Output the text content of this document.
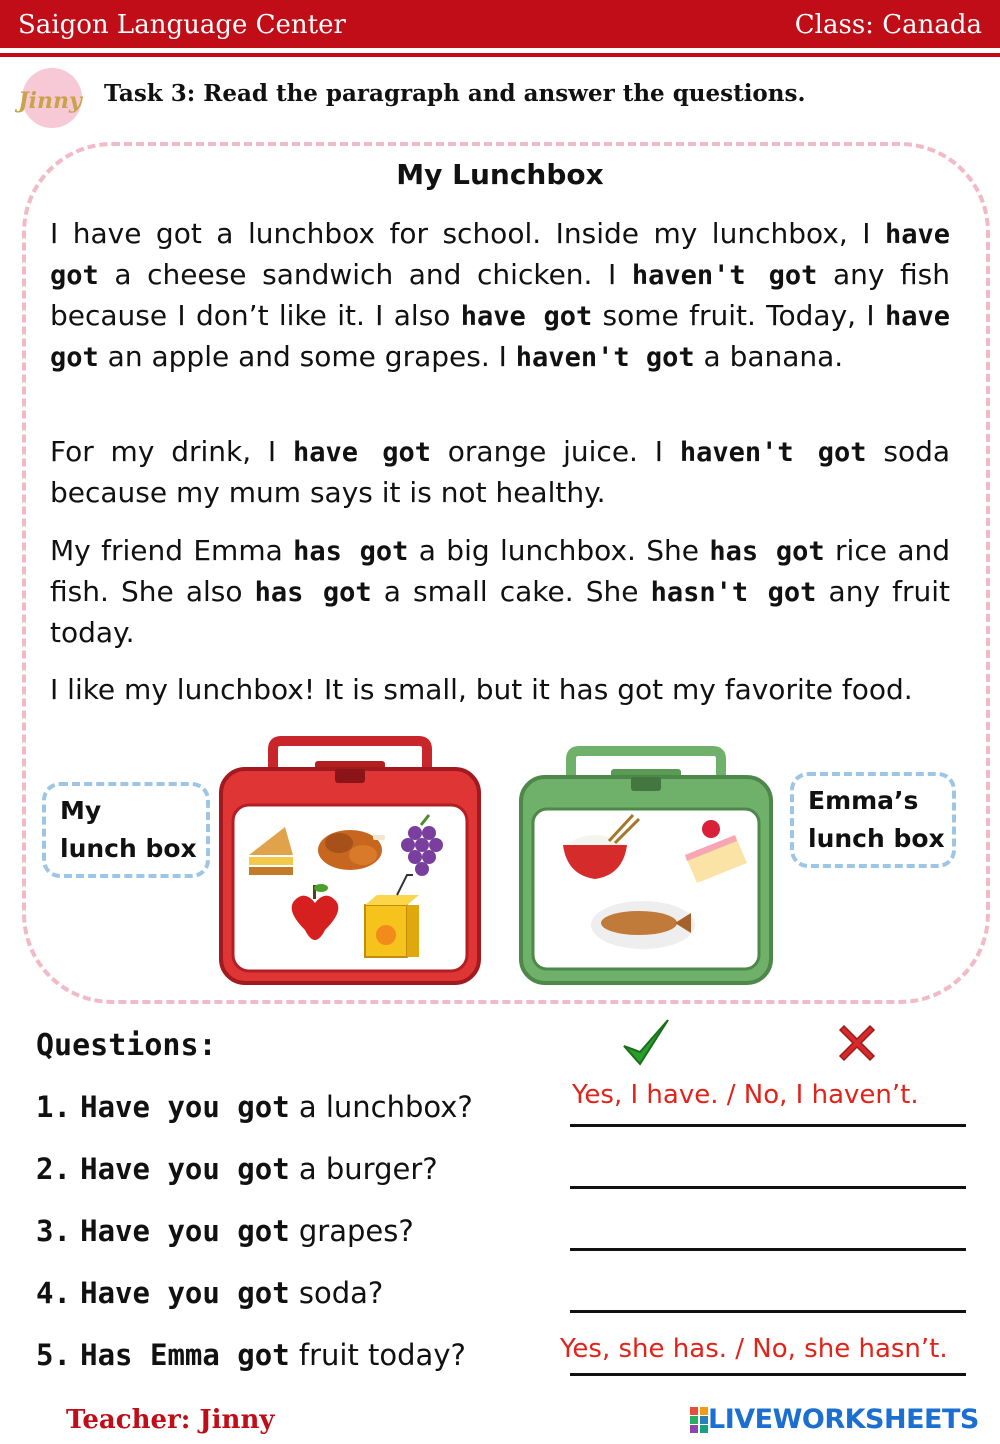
Saigon Language Center	Class: Canada
Jinny Task 3: Read the paragraph and answer the questions.
My Lunchbox
I have got a lunchbox for school. Inside my lunchbox, I have got a cheese sandwich and chicken. I haven't got any fish because I don’t like it. I also have got some fruit. Today, I have got an apple and some grapes. I haven't got a banana.
For my drink, I have got orange juice. I haven't got soda because my mum says it is not healthy.
My friend Emma has got a big lunchbox. She has got rice and fish. She also has got a small cake. She hasn't got any fruit today.
I like my lunchbox! It is small, but it has got my favorite food.
My
lunch box
Emma’s
lunch box
Questions:
1. Have you got a lunchbox?
2. Have you got a burger?
3. Have you got grapes?
4. Have you got soda?
5. Has Emma got fruit today?
Yes, I have. / No, I haven’t.
Yes, she has. / No, she hasn’t.
Teacher: Jinny	LIVEWORKSHEETS
